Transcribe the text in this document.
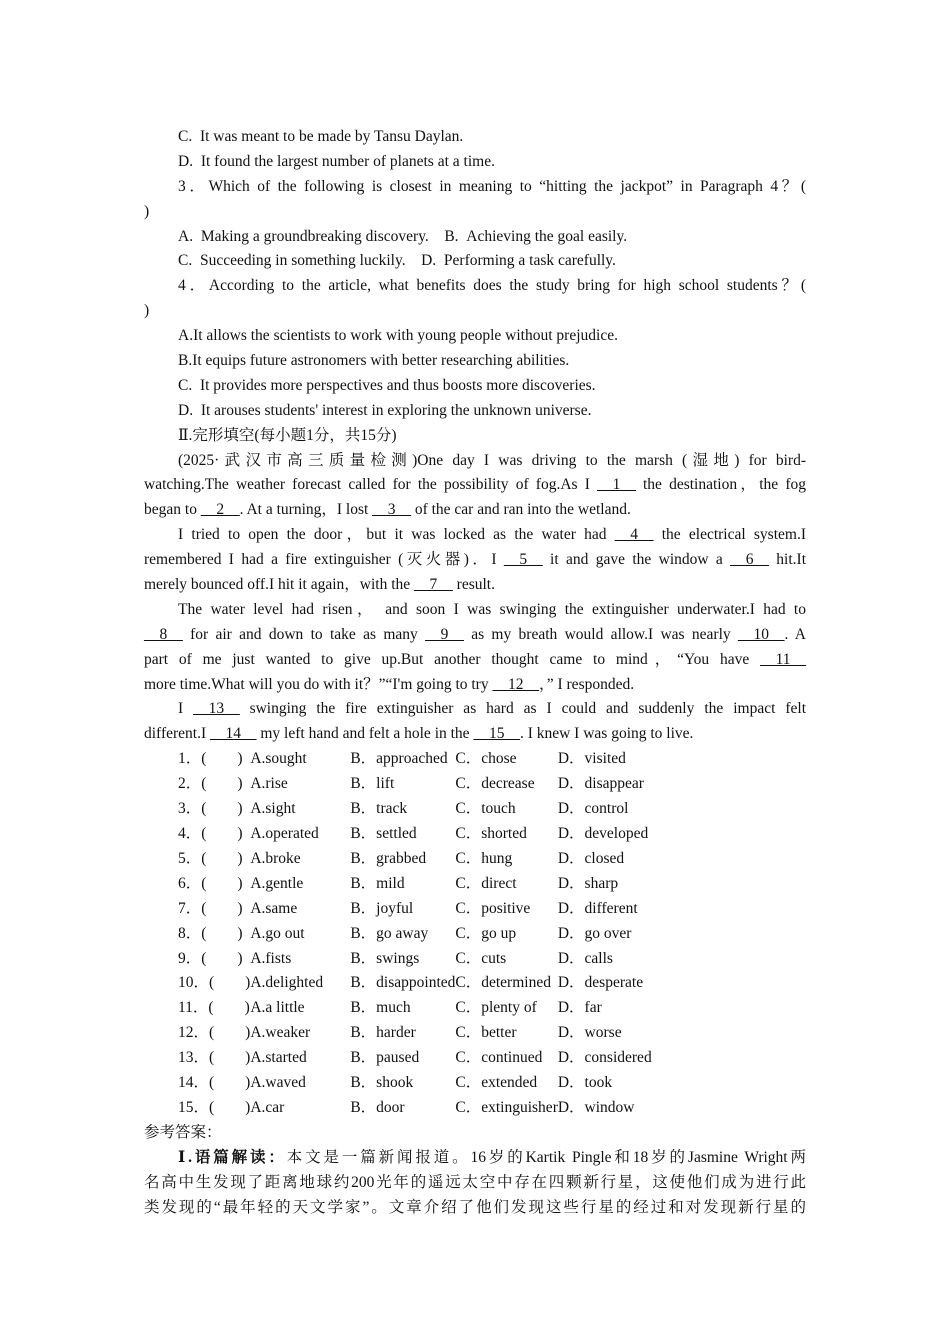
C. It was meant to be made by Tansu Daylan.
D. It found the largest number of planets at a time.
3．Which of the following is closest in meaning to “hitting the jackpot” in Paragraph 4？(
)
A. Making a groundbreaking discovery.  B. Achieving the goal easily.
C. Succeeding in something luckily.  D. Performing a task carefully.
4．According to the article, what benefits does the study bring for high school students？(
)
A.It allows the scientists to work with young people without prejudice.
B.It equips future astronomers with better researching abilities.
C. It provides more perspectives and thus boosts more discoveries.
D. It arouses students' interest in exploring the unknown universe.
Ⅱ.完形填空(每小题1分，共15分)
(2025·武汉市高三质量检测)One day I was driving to the marsh (湿地) for bird-
watching.The weather forecast called for the possibility of fog.As I __1__ the destination，the fog
began to __2__. At a turning，I lost __3__ of the car and ran into the wetland.
I tried to open the door，but it was locked as the water had __4__ the electrical system.I
remembered I had a fire extinguisher (灭火器)．I __5__ it and gave the window a __6__ hit.It
merely bounced off.I hit it again，with the __7__ result.
The water level had risen， and soon I was swinging the extinguisher underwater.I had to
__8__ for air and down to take as many __9__ as my breath would allow.I was nearly __10__. A
part of me just wanted to give up.But another thought came to mind，“You have __11__
more time.What will you do with it？”“I'm going to try __12__，” I responded.
I __13__ swinging the fire extinguisher as hard as I could and suddenly the impact felt
different.I __14__ my left hand and felt a hole in the __15__. I knew I was going to live.
1．(  )	A.sought	B．approached	C．chose	D．visited
2．(  )	A.rise	B．lift	C．decrease	D．disappear
3．(  )	A.sight	B．track	C．touch	D．control
4．(  )	A.operated	B．settled	C．shorted	D．developed
5．(  )	A.broke	B．grabbed	C．hung	D．closed
6．(  )	A.gentle	B．mild	C．direct	D．sharp
7．(  )	A.same	B．joyful	C．positive	D．different
8．(  )	A.go out	B．go away	C．go up	D．go over
9．(  )	A.fists	B．swings	C．cuts	D．calls
10．(  )	A.delighted	B．disappointed	C．determined	D．desperate
11．(  )	A.a little	B．much	C．plenty of	D．far
12．(  )	A.weaker	B．harder	C．better	D．worse
13．(  )	A.started	B．paused	C．continued	D．considered
14．(  )	A.waved	B．shook	C．extended	D．took
15．(  )	A.car	B．door	C．extinguisher	D．window
参考答案：
Ⅰ.语篇解读：本文是一篇新闻报道。16岁的Kartik Pingle和18岁的Jasmine Wright两
名高中生发现了距离地球约200光年的遥远太空中存在四颗新行星，这使他们成为进行此
类发现的“最年轻的天文学家”。文章介绍了他们发现这些行星的经过和对发现新行星的
